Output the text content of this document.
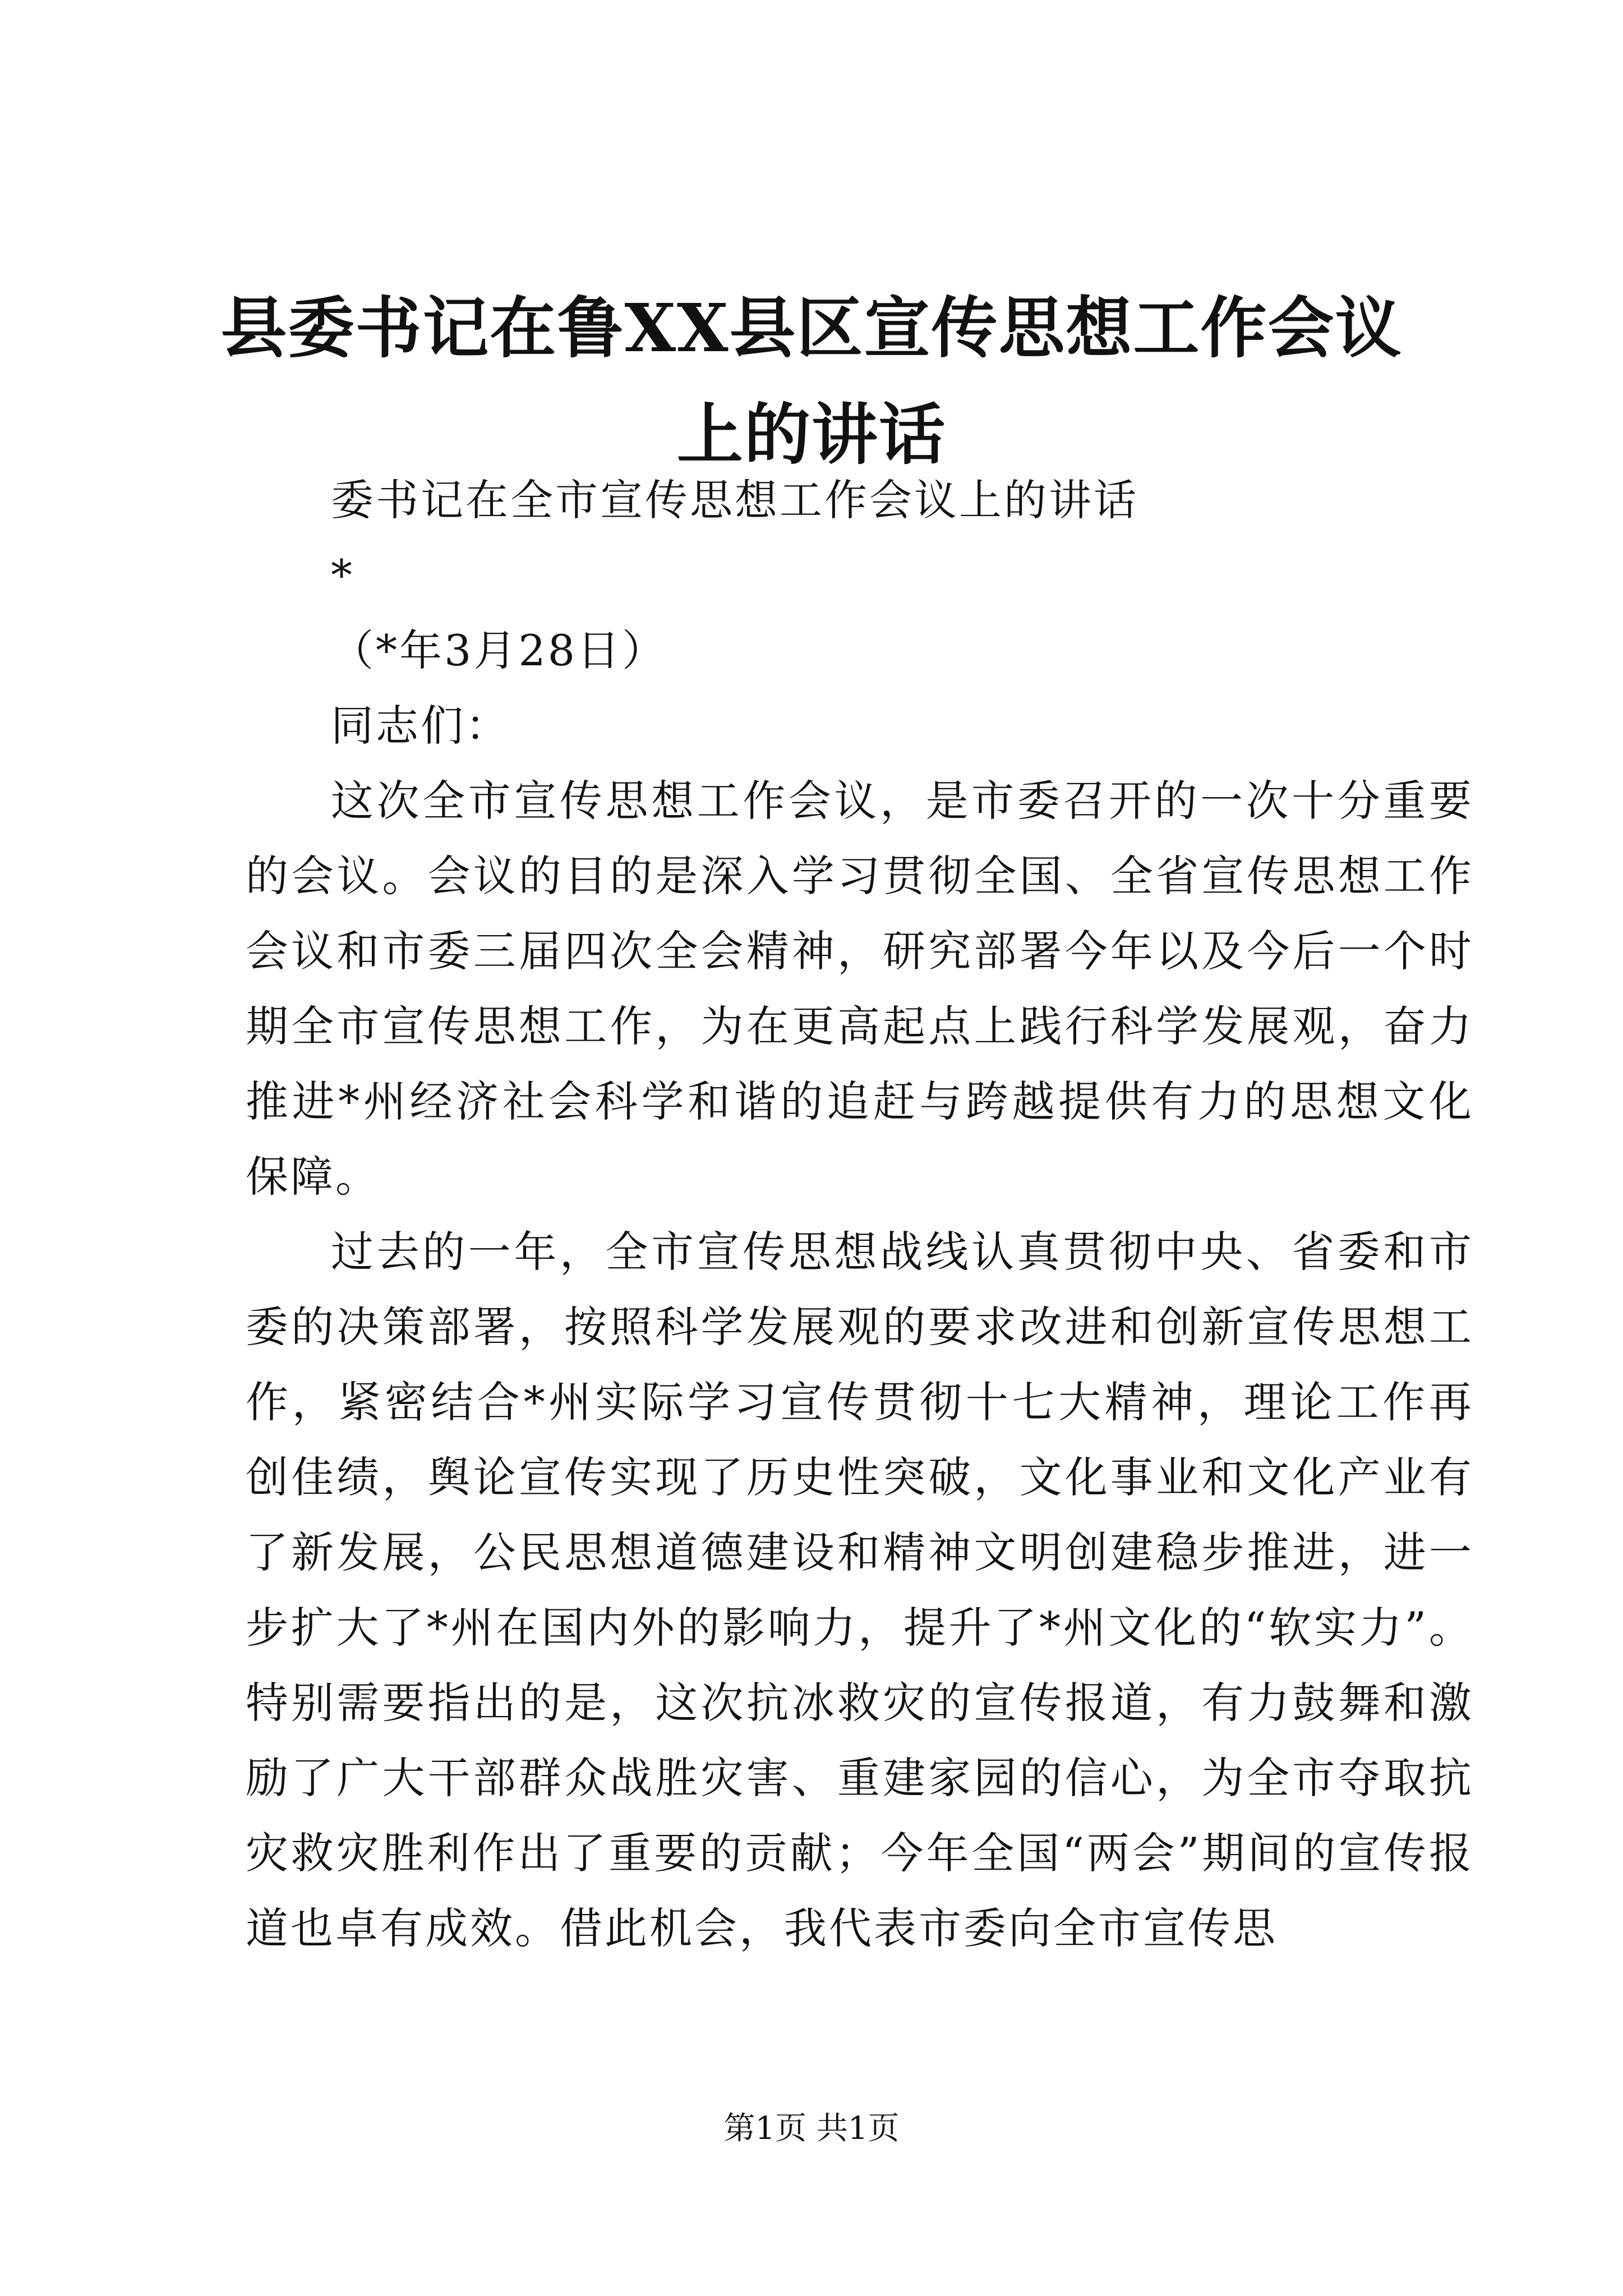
县委书记在鲁XX县区宣传思想工作会议上的讲话

委书记在全市宣传思想工作会议上的讲话

*

（*年3月28日）

同志们：

这次全市宣传思想工作会议，是市委召开的一次十分重要的会议。会议的目的是深入学习贯彻全国、全省宣传思想工作会议和市委三届四次全会精神，研究部署今年以及今后一个时期全市宣传思想工作，为在更高起点上践行科学发展观，奋力推进*州经济社会科学和谐的追赶与跨越提供有力的思想文化保障。

过去的一年，全市宣传思想战线认真贯彻中央、省委和市委的决策部署，按照科学发展观的要求改进和创新宣传思想工作，紧密结合*州实际学习宣传贯彻十七大精神，理论工作再创佳绩，舆论宣传实现了历史性突破，文化事业和文化产业有了新发展，公民思想道德建设和精神文明创建稳步推进，进一步扩大了*州在国内外的影响力，提升了*州文化的“软实力”。特别需要指出的是，这次抗冰救灾的宣传报道，有力鼓舞和激励了广大干部群众战胜灾害、重建家园的信心，为全市夺取抗灾救灾胜利作出了重要的贡献；今年全国“两会”期间的宣传报道也卓有成效。借此机会，我代表市委向全市宣传思

第1页 共1页
